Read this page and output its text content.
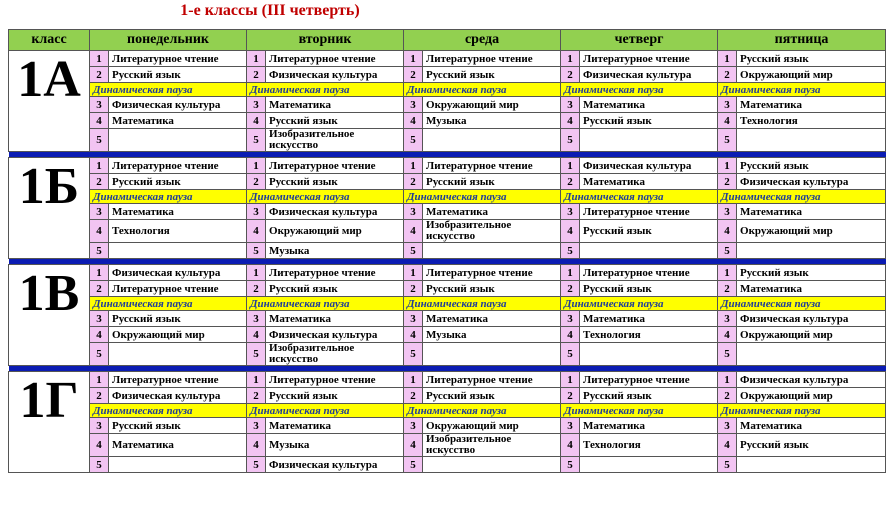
1-е классы (III четверть)
класс	понедельник		вторник		среда		четверг		пятница	
1А	1	Литературное чтение	1	Литературное чтение	1	Литературное чтение	1	Литературное чтение	1	Русский язык
	2	Русский язык	2	Физическая культура	2	Русский язык	2	Физическая культура	2	Окружающий мир
	Динамическая пауза		Динамическая пауза		Динамическая пауза		Динамическая пауза		Динамическая пауза	
	3	Физическая культура	3	Математика	3	Окружающий мир	3	Математика	3	Математика
	4	Математика	4	Русский язык	4	Музыка	4	Русский язык	4	Технология
	5		5	Изобразительное искусство	5		5		5	

1Б	1	Литературное чтение	1	Литературное чтение	1	Литературное чтение	1	Физическая культура	1	Русский язык
	2	Русский язык	2	Русский язык	2	Русский язык	2	Математика	2	Физическая культура
	Динамическая пауза		Динамическая пауза		Динамическая пауза		Динамическая пауза		Динамическая пауза	
	3	Математика	3	Физическая культура	3	Математика	3	Литературное чтение	3	Математика
	4	Технология	4	Окружающий мир	4	Изобразительное искусство	4	Русский язык	4	Окружающий мир
	5		5	Музыка	5		5		5	

1В	1	Физическая культура	1	Литературное чтение	1	Литературное чтение	1	Литературное чтение	1	Русский язык
	2	Литературное чтение	2	Русский язык	2	Русский язык	2	Русский язык	2	Математика
	Динамическая пауза		Динамическая пауза		Динамическая пауза		Динамическая пауза		Динамическая пауза	
	3	Русский язык	3	Математика	3	Математика	3	Математика	3	Физическая культура
	4	Окружающий мир	4	Физическая культура	4	Музыка	4	Технология	4	Окружающий мир
	5		5	Изобразительное искусство	5		5		5	

1Г	1	Литературное чтение	1	Литературное чтение	1	Литературное чтение	1	Литературное чтение	1	Физическая культура
	2	Физическая культура	2	Русский язык	2	Русский язык	2	Русский язык	2	Окружающий мир
	Динамическая пауза		Динамическая пауза		Динамическая пауза		Динамическая пауза		Динамическая пауза	
	3	Русский язык	3	Математика	3	Окружающий мир	3	Математика	3	Математика
	4	Математика	4	Музыка	4	Изобразительное искусство	4	Технология	4	Русский язык
	5		5	Физическая культура	5		5		5	
